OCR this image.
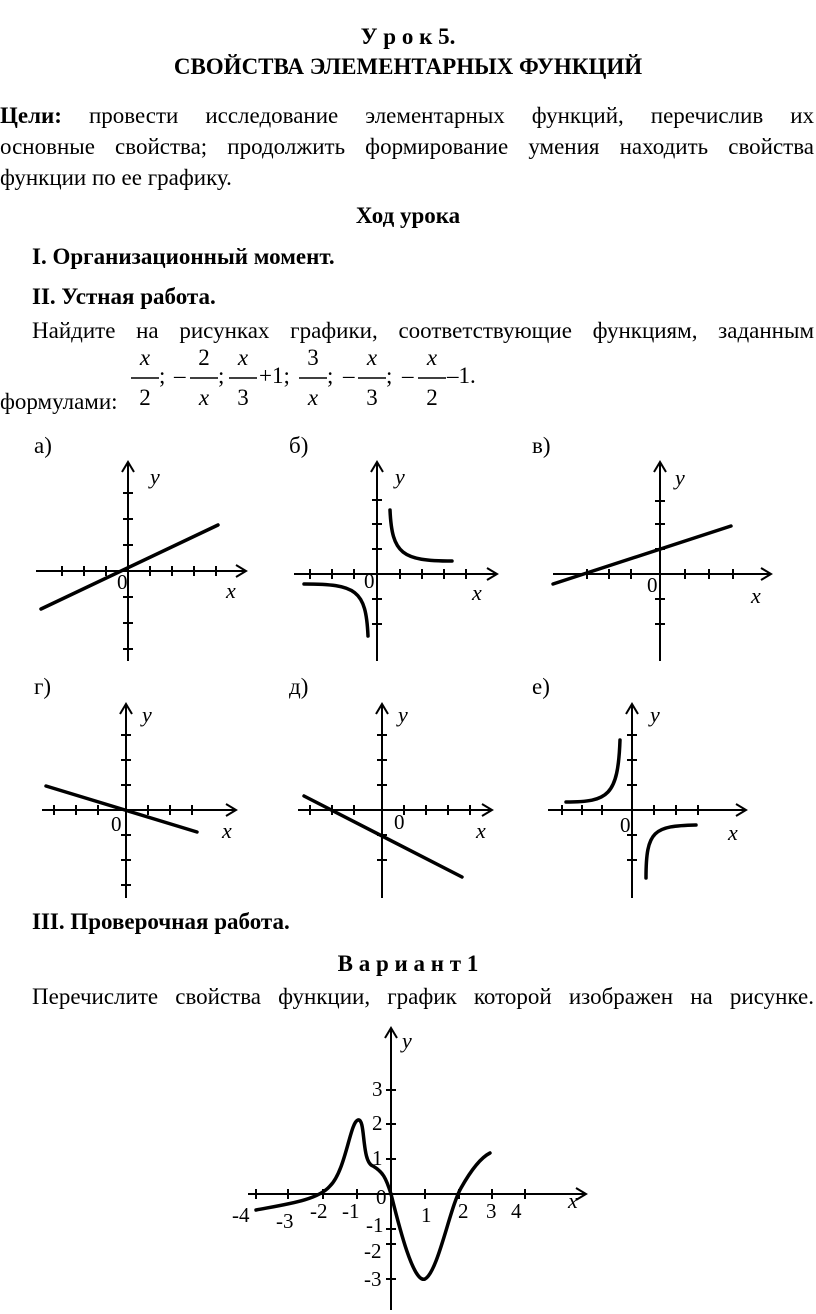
У р о к 5.
СВОЙСТВА ЭЛЕМЕНТАРНЫХ ФУНКЦИЙ
Цели: провести исследование элементарных функций, перечислив их
основные свойства; продолжить формирование умения находить свойства
функции по ее графику.
Ход урока
I. Организационный момент.
II. Устная работа.
Найдите на рисунках графики, соответствующие функциям, заданным
формулами:
x
2
; –
2
x
;
x
3
+1;
3
x
; –
x
3
; –
x
2
–1.
а)	б)	в)
г)	д)	е)
y
x
0
y
x
0
y
x
0
y
x
0
y
x
0
y
x
0
III. Проверочная работа.
В а р и а н т 1
Перечислите свойства функции, график которой изображен на рисунке.
y
x
0
-4 -3 -2 -1	1 2 3 4
3
2
1
-1
-2
-3
